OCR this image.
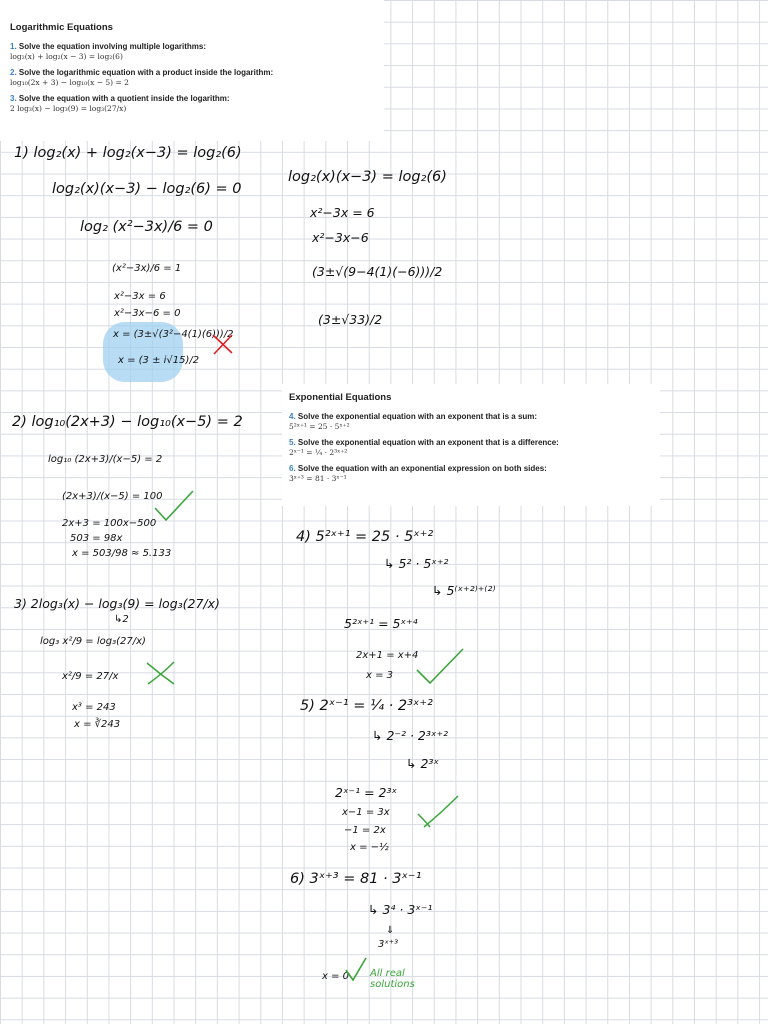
Logarithmic Equations
1. Solve the equation involving multiple logarithms:
log₂(x) + log₂(x − 3) = log₂(6)
2. Solve the logarithmic equation with a product inside the logarithm:
log₁₀(2x + 3) − log₁₀(x − 5) = 2
3. Solve the equation with a quotient inside the logarithm:
2 log₃(x) − log₃(9) = log₃(27/x)
Exponential Equations
4. Solve the exponential equation with an exponent that is a sum:
5²ˣ⁺¹ = 25 · 5ˣ⁺²
5. Solve the exponential equation with an exponent that is a difference:
2ˣ⁻¹ = ¼ · 2³ˣ⁺²
6. Solve the equation with an exponential expression on both sides:
3ˣ⁺³ = 81 · 3ˣ⁻¹
1) log₂(x) + log₂(x−3) = log₂(6)
log₂(x)(x−3) − log₂(6) = 0
log₂ (x²−3x)/6 = 0
(x²−3x)/6 = 1
x²−3x = 6
x²−3x−6 = 0
x = (3±√(3²−4(1)(6)))/2
x = (3 ± i√15)/2
log₂(x)(x−3) = log₂(6)
x²−3x = 6
x²−3x−6
(3±√(9−4(1)(−6)))/2
(3±√33)/2
2) log₁₀(2x+3) − log₁₀(x−5) = 2
log₁₀ (2x+3)/(x−5) = 2
(2x+3)/(x−5) = 100
2x+3 = 100x−500
503 = 98x
x = 503/98 ≈ 5.133
3) 2log₃(x) − log₃(9) = log₃(27/x)
↳2
log₃ x²/9 = log₃(27/x)
x²/9 = 27/x
x³ = 243
x = ∛243
4) 5²ˣ⁺¹ = 25 · 5ˣ⁺²
↳ 5² · 5ˣ⁺²
↳ 5⁽ˣ⁺²⁾⁺⁽²⁾
5²ˣ⁺¹ = 5ˣ⁺⁴
2x+1 = x+4
x = 3
5) 2ˣ⁻¹ = ¼ · 2³ˣ⁺²
↳ 2⁻² · 2³ˣ⁺²
↳ 2³ˣ
2ˣ⁻¹ = 2³ˣ
x−1 = 3x
−1 = 2x
x = −½
6) 3ˣ⁺³ = 81 · 3ˣ⁻¹
↳ 3⁴ · 3ˣ⁻¹
⇓
3ˣ⁺³
x = 0 All real solutions
